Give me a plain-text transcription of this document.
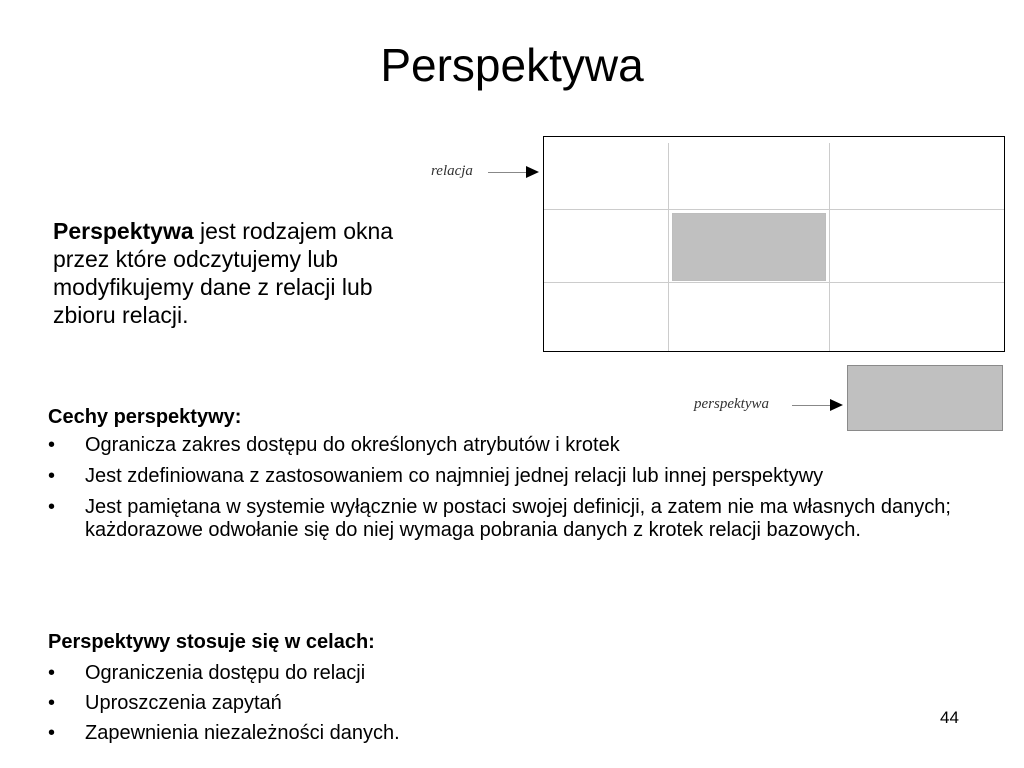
Perspektywa
Perspektywa jest rodzajem okna przez które odczytujemy lub modyfikujemy dane z relacji lub zbioru relacji.
relacja
perspektywa
Cechy perspektywy:
• Ogranicza zakres dostępu do określonych atrybutów i krotek
• Jest zdefiniowana z zastosowaniem co najmniej jednej relacji lub innej perspektywy
• Jest pamiętana w systemie wyłącznie w postaci swojej definicji, a zatem nie ma własnych danych; każdorazowe odwołanie się do niej wymaga pobrania danych z krotek relacji bazowych.
Perspektywy stosuje się w celach:
• Ograniczenia dostępu do relacji
• Uproszczenia zapytań
• Zapewnienia niezależności danych.
44
